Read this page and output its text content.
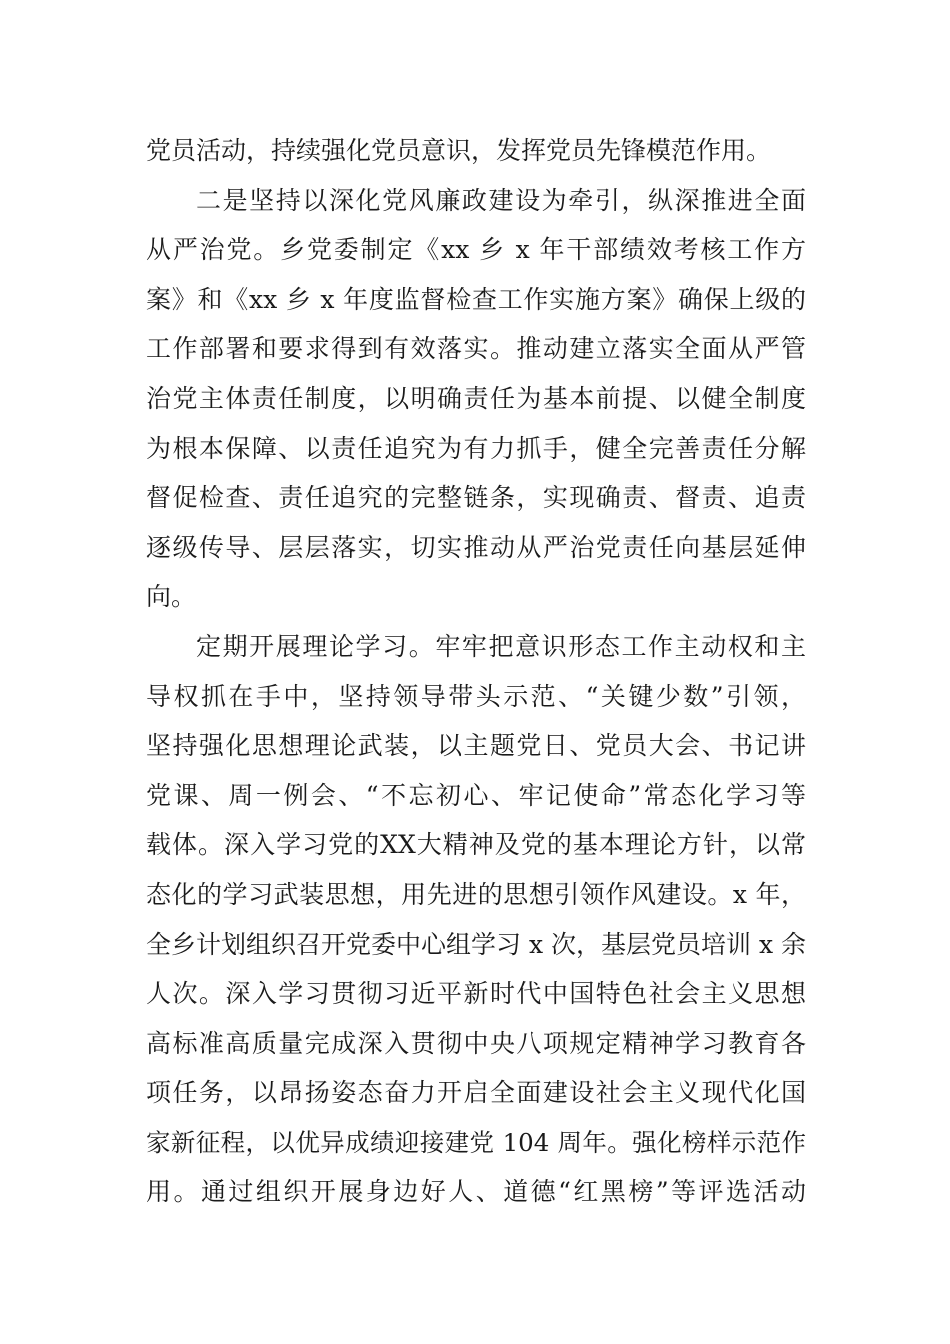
党员活动，持续强化党员意识，发挥党员先锋模范作用。
二是坚持以深化党风廉政建设为牵引，纵深推进全面
从严治党。乡党委制定《xx 乡 x 年干部绩效考核工作方
案》和《xx 乡 x 年度监督检查工作实施方案》确保上级的
工作部署和要求得到有效落实。推动建立落实全面从严管
治党主体责任制度，以明确责任为基本前提、以健全制度
为根本保障、以责任追究为有力抓手，健全完善责任分解
督促检查、责任追究的完整链条，实现确责、督责、追责
逐级传导、层层落实，切实推动从严治党责任向基层延伸
向。
定期开展理论学习。牢牢把意识形态工作主动权和主
导权抓在手中，坚持领导带头示范、“关键少数”引领，
坚持强化思想理论武装，以主题党日、党员大会、书记讲
党课、周一例会、“不忘初心、牢记使命”常态化学习等
载体。深入学习党的XX大精神及党的基本理论方针，以常
态化的学习武装思想，用先进的思想引领作风建设。x 年，
全乡计划组织召开党委中心组学习 x 次，基层党员培训 x 余
人次。深入学习贯彻习近平新时代中国特色社会主义思想
高标准高质量完成深入贯彻中央八项规定精神学习教育各
项任务，以昂扬姿态奋力开启全面建设社会主义现代化国
家新征程，以优异成绩迎接建党 104 周年。强化榜样示范作
用。通过组织开展身边好人、道德“红黑榜”等评选活动
